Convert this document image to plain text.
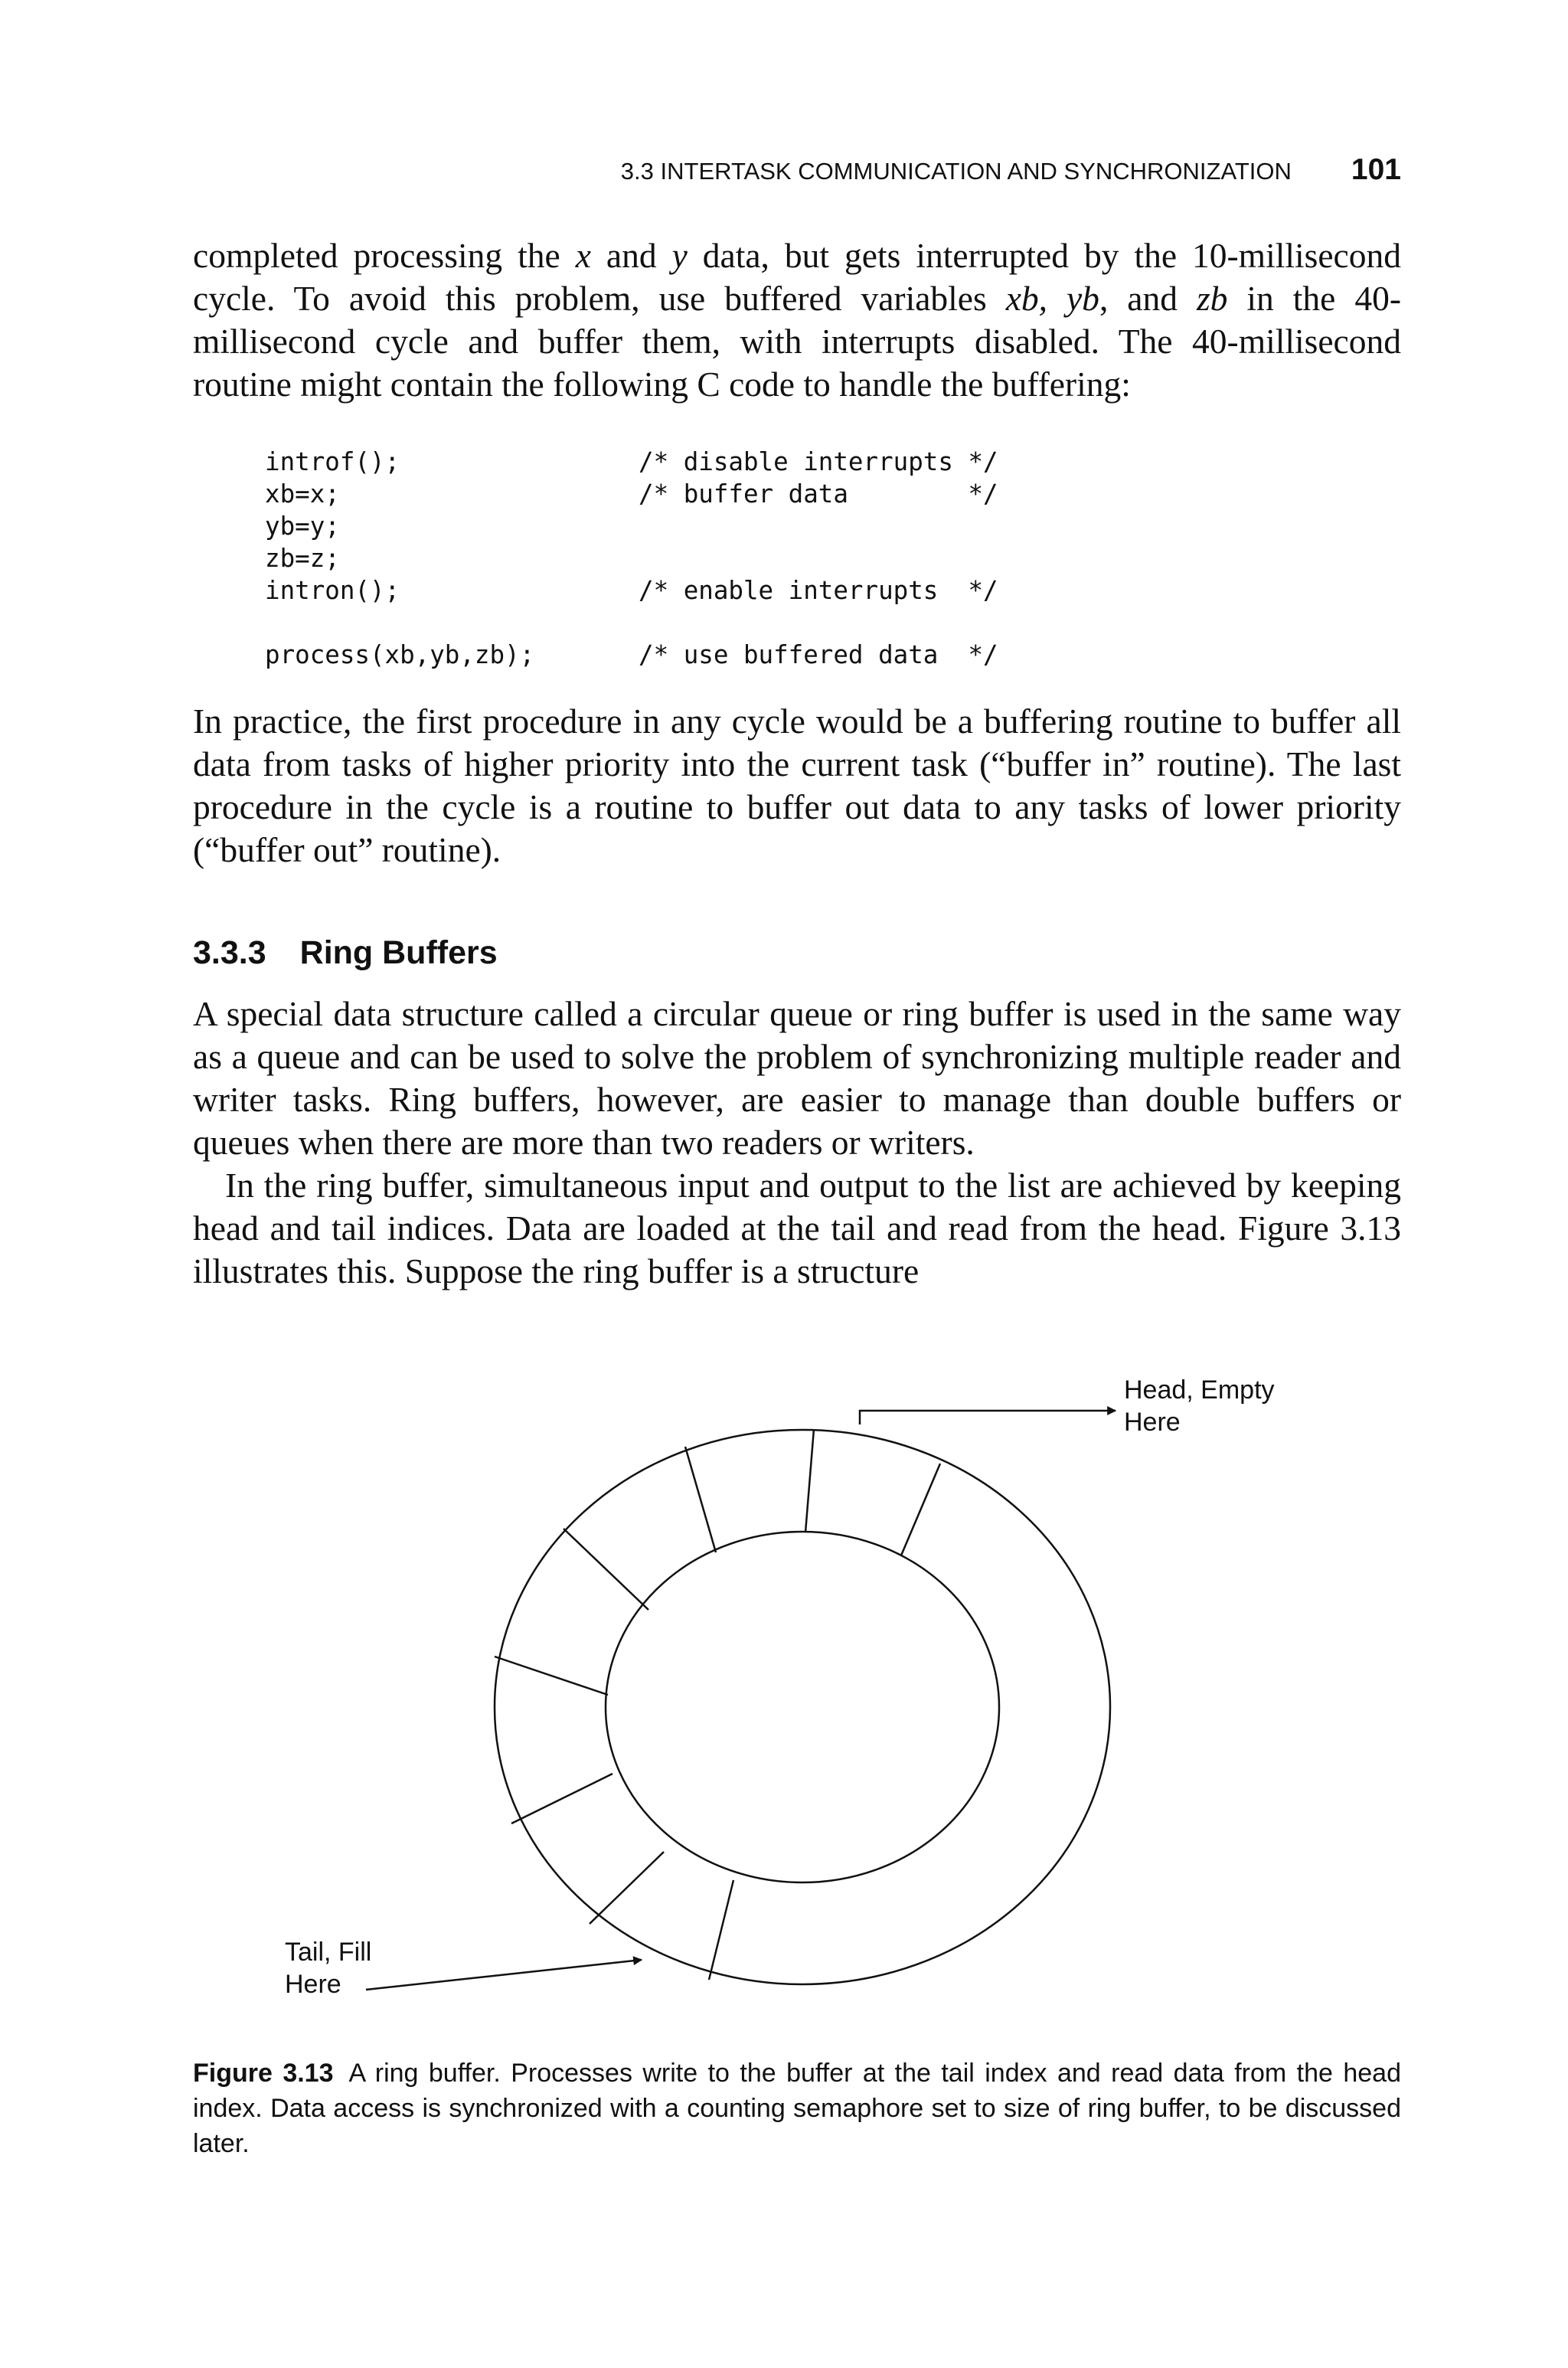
3.3 INTERTASK COMMUNICATION AND SYNCHRONIZATION 101

completed processing the x and y data, but gets interrupted by the 10-millisecond cycle. To avoid this problem, use buffered variables xb, yb, and zb in the 40-millisecond cycle and buffer them, with interrupts disabled. The 40-millisecond routine might contain the following C code to handle the buffering:

introf();	/* disable interrupts */
xb=x;	/* buffer data        */
yb=y;
zb=z;
intron();	/* enable interrupts  */
process(xb,yb,zb);	/* use buffered data  */

In practice, the first procedure in any cycle would be a buffering routine to buffer all data from tasks of higher priority into the current task (“buffer in” routine). The last procedure in the cycle is a routine to buffer out data to any tasks of lower priority (“buffer out” routine).

3.3.3 Ring Buffers

A special data structure called a circular queue or ring buffer is used in the same way as a queue and can be used to solve the problem of synchronizing multiple reader and writer tasks. Ring buffers, however, are easier to manage than double buffers or queues when there are more than two readers or writers.

In the ring buffer, simultaneous input and output to the list are achieved by keeping head and tail indices. Data are loaded at the tail and read from the head. Figure 3.13 illustrates this. Suppose the ring buffer is a structure

Head, Empty
Here
Tail, Fill
Here

Figure 3.13 A ring buffer. Processes write to the buffer at the tail index and read data from the head index. Data access is synchronized with a counting semaphore set to size of ring buffer, to be discussed later.
